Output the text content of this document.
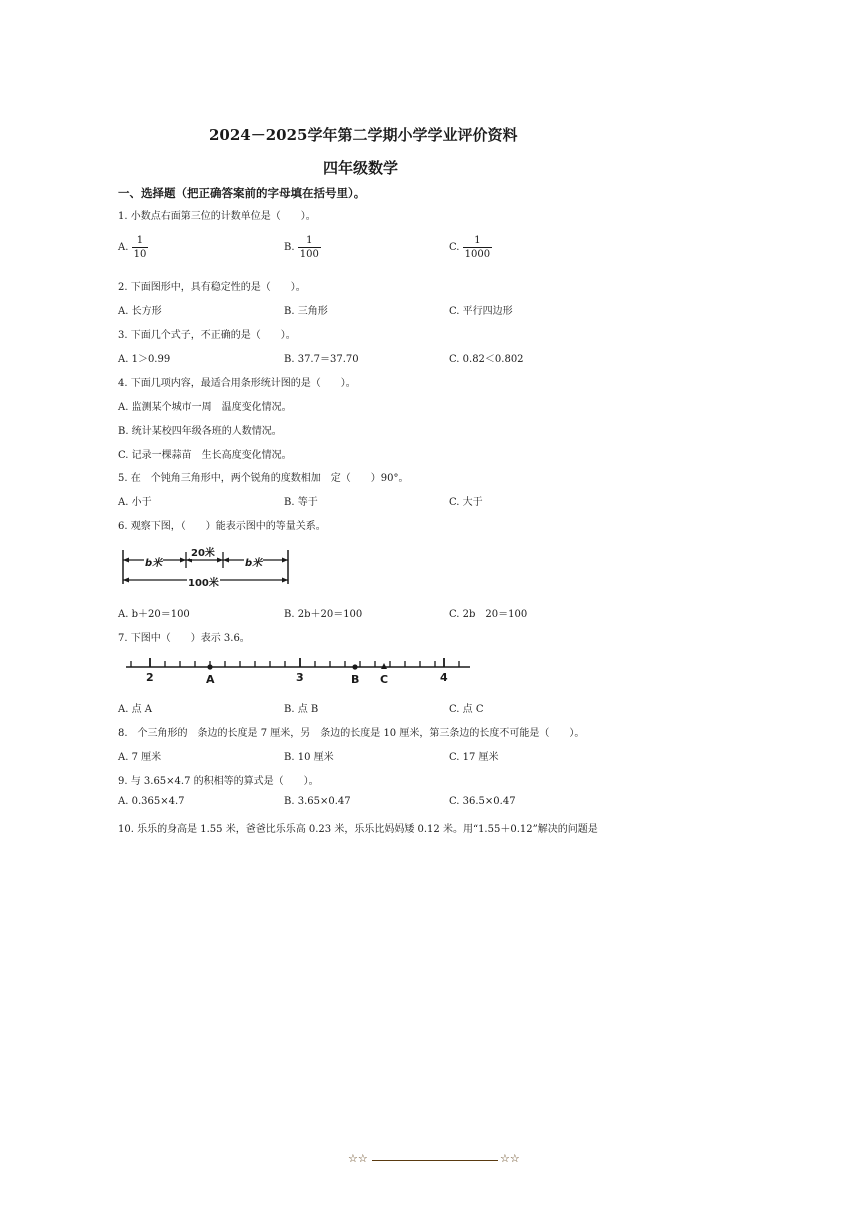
2024－2025学年第二学期小学学业评价资料
四年级数学
一、选择题（把正确答案前的字母填在括号里）。
1. 小数点右面第三位的计数单位是（　　）。
A. $\frac{1}{10}$	B. $\frac{1}{100}$	C. $\frac{1}{1000}$
2. 下面图形中，具有稳定性的是（　　）。
A. 长方形	B. 三角形	C. 平行四边形
3. 下面几个式子，不正确的是（　　）。
A. 1＞0.99	B. 37.7＝37.70	C. 0.82＜0.802
4. 下面几项内容，最适合用条形统计图的是（　　）。
A. 监测某个城市一周　温度变化情况。
B. 统计某校四年级各班的人数情况。
C. 记录一棵蒜苗　生长高度变化情况。
5. 在　个钝角三角形中，两个锐角的度数相加　定（　　）90°。
A. 小于	B. 等于	C. 大于
6. 观察下图，（　　）能表示图中的等量关系。
b米
20米
b米
100米
A. b＋20＝100	B. 2b＋20＝100	C. 2b　20＝100
7. 下图中（　　）表示 3.6。
2	A	3	B C	4
A. 点 A	B. 点 B	C. 点 C
8.　个三角形的　条边的长度是 7 厘米，另　条边的长度是 10 厘米，第三条边的长度不可能是（　　）。
A. 7 厘米	B. 10 厘米	C. 17 厘米
9. 与 3.65×4.7 的积相等的算式是（　　）。
A. 0.365×4.7	B. 3.65×0.47	C. 36.5×0.47
10. 乐乐的身高是 1.55 米，爸爸比乐乐高 0.23 米，乐乐比妈妈矮 0.12 米。用“1.55＋0.12”解决的问题是
☆☆	☆☆
